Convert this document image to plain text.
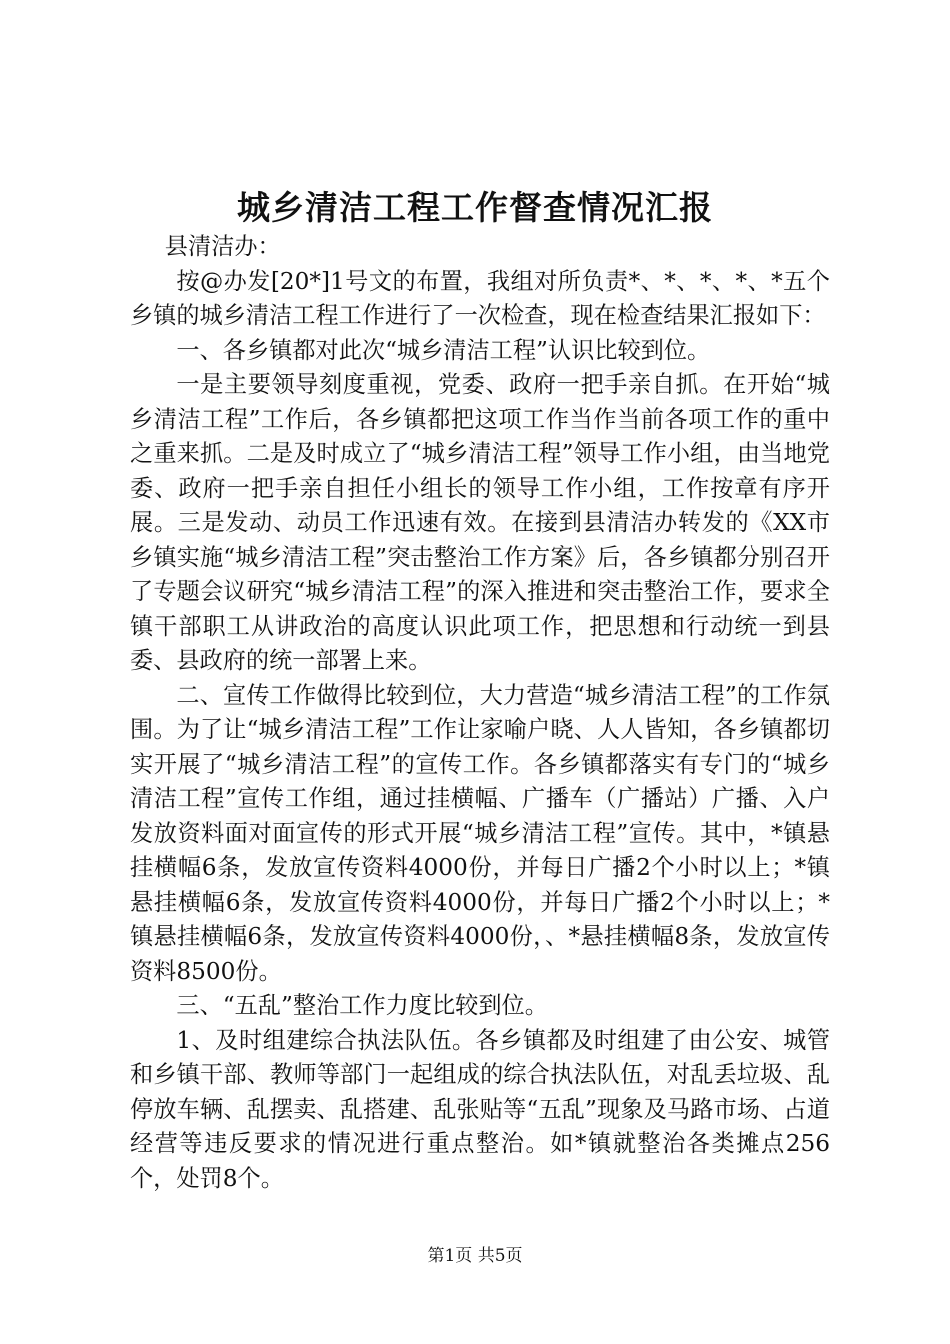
城乡清洁工程工作督查情况汇报

县清洁办：

按@办发[20*]1号文的布置，我组对所负责*、*、*、*、*五个乡镇的城乡清洁工程工作进行了一次检查，现在检查结果汇报如下：

一、各乡镇都对此次“城乡清洁工程”认识比较到位。

一是主要领导刻度重视，党委、政府一把手亲自抓。在开始“城乡清洁工程”工作后，各乡镇都把这项工作当作当前各项工作的重中之重来抓。二是及时成立了“城乡清洁工程”领导工作小组，由当地党委、政府一把手亲自担任小组长的领导工作小组，工作按章有序开展。三是发动、动员工作迅速有效。在接到县清洁办转发的《XX市乡镇实施“城乡清洁工程”突击整治工作方案》后，各乡镇都分别召开了专题会议研究“城乡清洁工程”的深入推进和突击整治工作，要求全镇干部职工从讲政治的高度认识此项工作，把思想和行动统一到县委、县政府的统一部署上来。

二、宣传工作做得比较到位，大力营造“城乡清洁工程”的工作氛围。为了让“城乡清洁工程”工作让家喻户晓、人人皆知，各乡镇都切实开展了“城乡清洁工程”的宣传工作。各乡镇都落实有专门的“城乡清洁工程”宣传工作组，通过挂横幅、广播车（广播站）广播、入户发放资料面对面宣传的形式开展“城乡清洁工程”宣传。其中，*镇悬挂横幅6条，发放宣传资料4000份，并每日广播2个小时以上；*镇悬挂横幅6条，发放宣传资料4000份，并每日广播2个小时以上；*镇悬挂横幅6条，发放宣传资料4000份，、*悬挂横幅8条，发放宣传资料8500份。

三、“五乱”整治工作力度比较到位。

1、及时组建综合执法队伍。各乡镇都及时组建了由公安、城管和乡镇干部、教师等部门一起组成的综合执法队伍，对乱丢垃圾、乱停放车辆、乱摆卖、乱搭建、乱张贴等“五乱”现象及马路市场、占道经营等违反要求的情况进行重点整治。如*镇就整治各类摊点256个，处罚8个。

第1页 共5页
